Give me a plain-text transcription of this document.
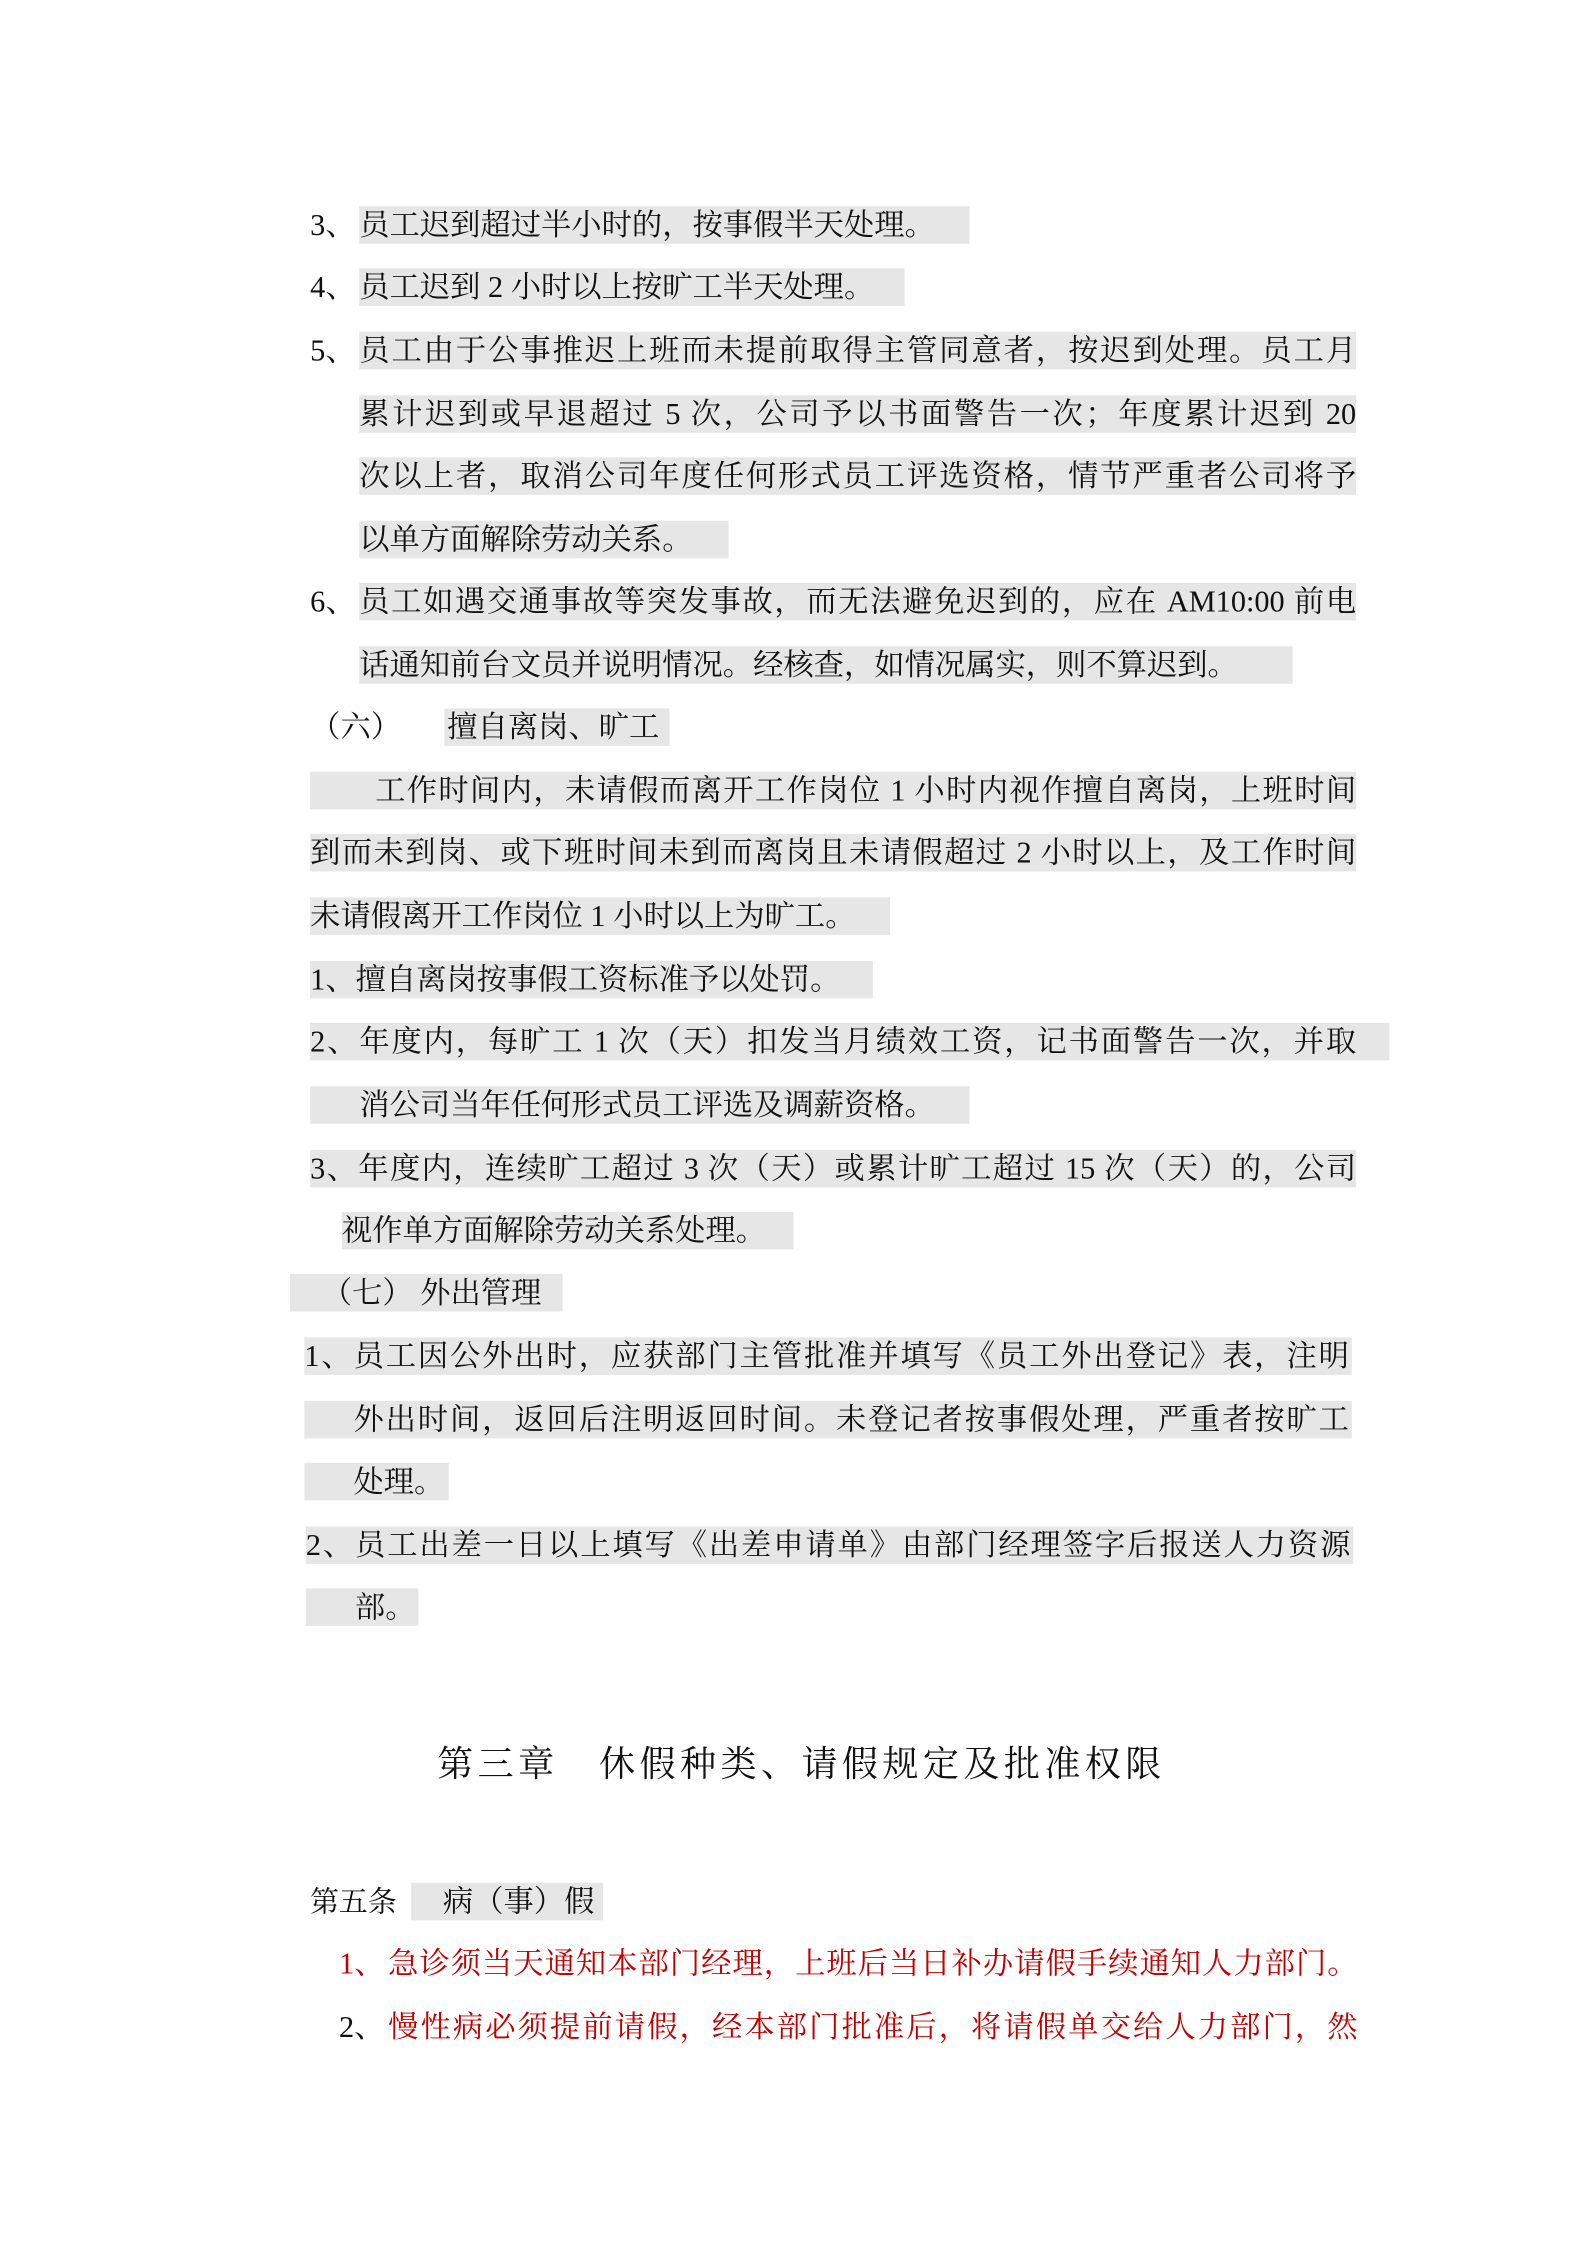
3、 员工迟到超过半小时的，按事假半天处理。
4、 员工迟到 2 小时以上按旷工半天处理。
5、 员工由于公事推迟上班而未提前取得主管同意者，按迟到处理。员工月
累计迟到或早退超过 5 次，公司予以书面警告一次；年度累计迟到 20
次以上者，取消公司年度任何形式员工评选资格，情节严重者公司将予
以单方面解除劳动关系。
6、 员工如遇交通事故等突发事故，而无法避免迟到的，应在 AM10:00 前电
话通知前台文员并说明情况。经核查，如情况属实，则不算迟到。
（六） 擅自离岗、旷工
工作时间内，未请假而离开工作岗位 1 小时内视作擅自离岗，上班时间
到而未到岗、或下班时间未到而离岗且未请假超过 2 小时以上，及工作时间
未请假离开工作岗位 1 小时以上为旷工。
1、擅自离岗按事假工资标准予以处罚。
2、年度内，每旷工 1 次（天）扣发当月绩效工资，记书面警告一次，并取
消公司当年任何形式员工评选及调薪资格。
3、年度内，连续旷工超过 3 次（天）或累计旷工超过 15 次（天）的，公司
视作单方面解除劳动关系处理。
（七） 外出管理
1、员工因公外出时，应获部门主管批准并填写《员工外出登记》表，注明
外出时间，返回后注明返回时间。未登记者按事假处理，严重者按旷工
处理。
2、员工出差一日以上填写《出差申请单》由部门经理签字后报送人力资源
部。
第三章　休假种类、请假规定及批准权限
第五条 病（事）假
1、 急诊须当天通知本部门经理，上班后当日补办请假手续通知人力部门。
2、 慢性病必须提前请假，经本部门批准后，将请假单交给人力部门，然
